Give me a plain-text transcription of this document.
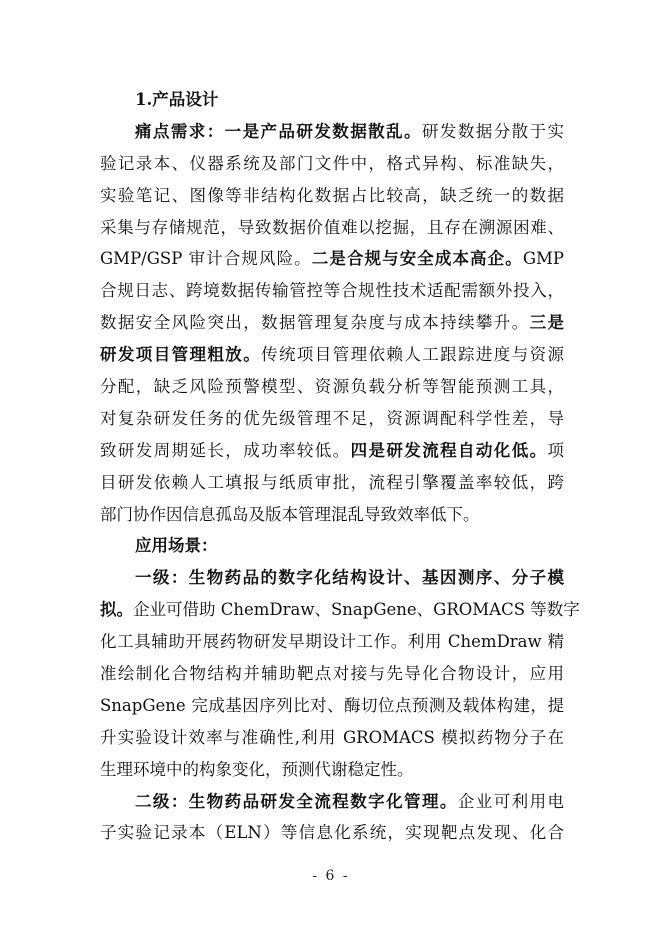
1.产品设计
痛点需求：一是产品研发数据散乱。研发数据分散于实
验记录本、仪器系统及部门文件中，格式异构、标准缺失，
实验笔记、图像等非结构化数据占比较高，缺乏统一的数据
采集与存储规范，导致数据价值难以挖掘，且存在溯源困难、
GMP/GSP 审计合规风险。二是合规与安全成本高企。GMP
合规日志、跨境数据传输管控等合规性技术适配需额外投入，
数据安全风险突出，数据管理复杂度与成本持续攀升。三是
研发项目管理粗放。传统项目管理依赖人工跟踪进度与资源
分配，缺乏风险预警模型、资源负载分析等智能预测工具，
对复杂研发任务的优先级管理不足，资源调配科学性差，导
致研发周期延长，成功率较低。四是研发流程自动化低。项
目研发依赖人工填报与纸质审批，流程引擎覆盖率较低，跨
部门协作因信息孤岛及版本管理混乱导致效率低下。
应用场景：
一级：生物药品的数字化结构设计、基因测序、分子模
拟。企业可借助 ChemDraw、SnapGene、GROMACS 等数字
化工具辅助开展药物研发早期设计工作。利用 ChemDraw 精
准绘制化合物结构并辅助靶点对接与先导化合物设计，应用
SnapGene 完成基因序列比对、酶切位点预测及载体构建，提
升实验设计效率与准确性,利用 GROMACS 模拟药物分子在
生理环境中的构象变化，预测代谢稳定性。
二级：生物药品研发全流程数字化管理。企业可利用电
子实验记录本（ELN）等信息化系统，实现靶点发现、化合
- 6 -
